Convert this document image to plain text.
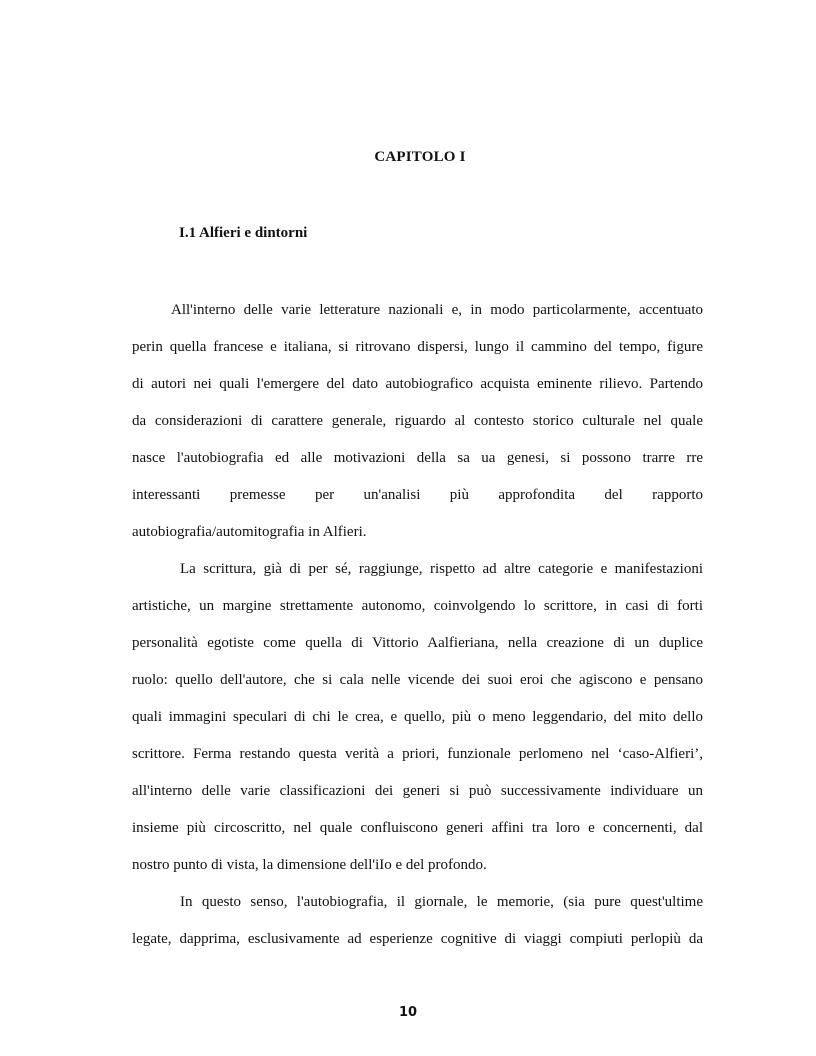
CAPITOLO I
I.1 Alfieri e dintorni
All'interno delle varie letterature nazionali e, in modo particolarmente, accentuato
perin quella francese e italiana, si ritrovano dispersi, lungo il cammino del tempo, figure
di autori nei quali l'emergere del dato autobiografico acquista eminente rilievo. Partendo
da considerazioni di carattere generale, riguardo al contesto storico culturale nel quale
nasce l'autobiografia ed alle motivazioni della sa ua genesi, si possono trarre rre
interessanti premesse per un'analisi più approfondita del rapporto
autobiografia/automitografia in Alfieri.
La scrittura, già di per sé, raggiunge, rispetto ad altre categorie e manifestazioni
artistiche, un margine strettamente autonomo, coinvolgendo lo scrittore, in casi di forti
personalità egotiste come quella di Vittorio Aalfieriana, nella creazione di un duplice
ruolo: quello dell'autore, che si cala nelle vicende dei suoi eroi che agiscono e pensano
quali immagini speculari di chi le crea, e quello, più o meno leggendario, del mito dello
scrittore. Ferma restando questa verità a priori, funzionale perlomeno nel ‘caso-Alfieri’,
all'interno delle varie classificazioni dei generi si può successivamente individuare un
insieme più circoscritto, nel quale confluiscono generi affini tra loro e concernenti, dal
nostro punto di vista, la dimensione dell'iIo e del profondo.
In questo senso, l'autobiografia, il giornale, le memorie, (sia pure quest'ultime
legate, dapprima, esclusivamente ad esperienze cognitive di viaggi compiuti perlopiù da
10
